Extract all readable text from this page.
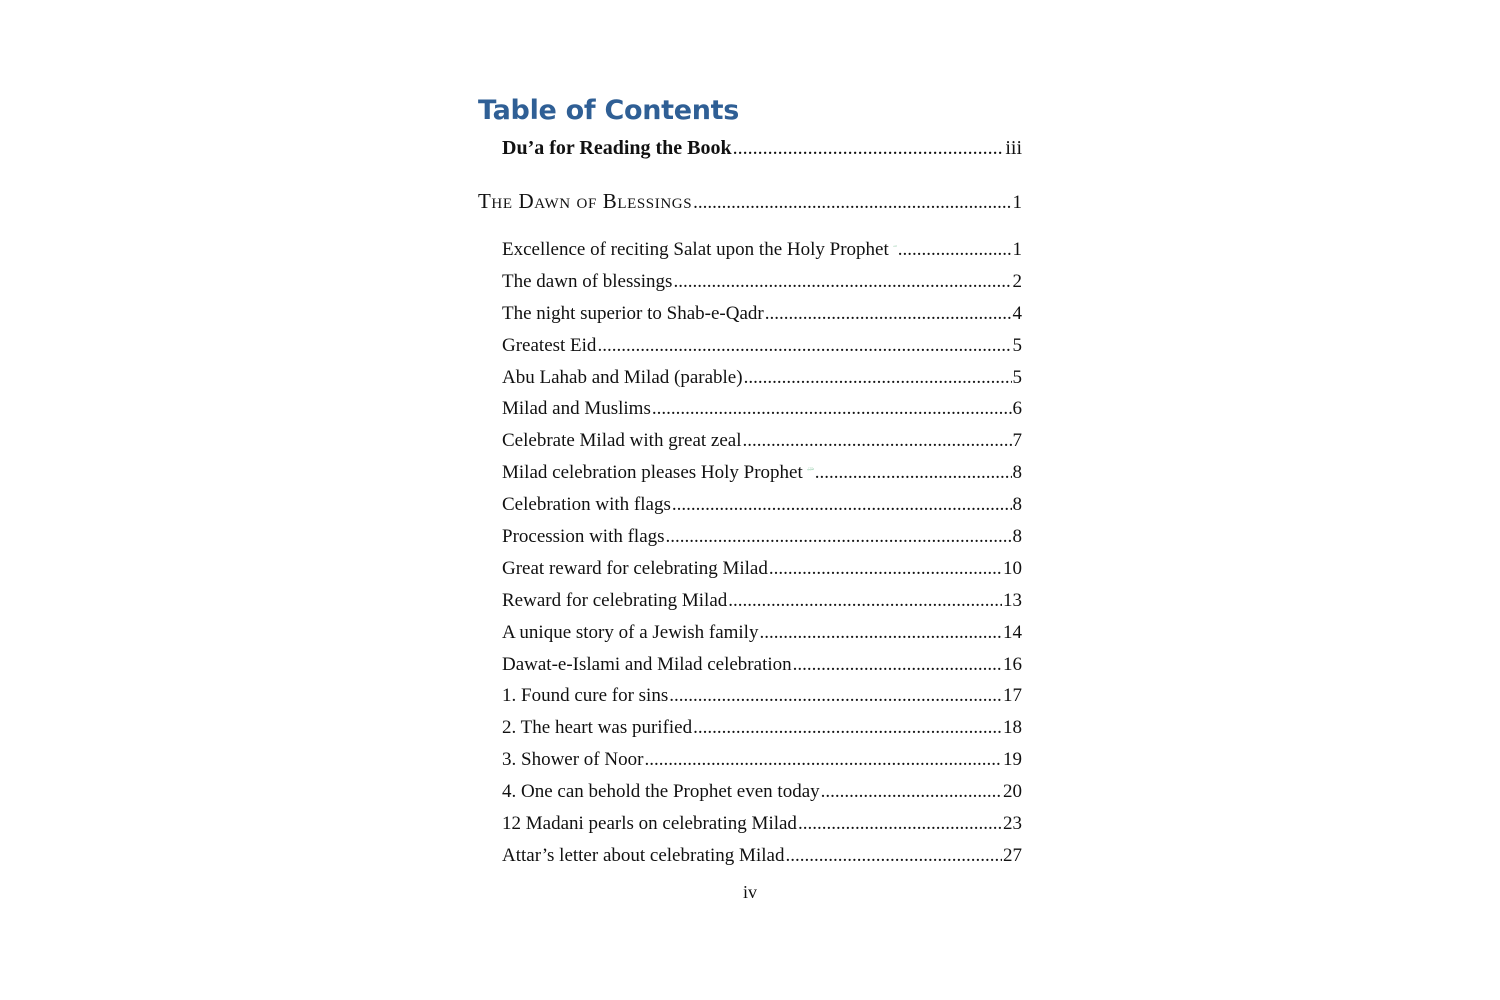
Table of Contents
Du’a for Reading the Book .....	iii
The Dawn of Blessings .....	1
Excellence of reciting Salat upon the Holy Prophet .....	1
The dawn of blessings .....	2
The night superior to Shab-e-Qadr .....	4
Greatest Eid .....	5
Abu Lahab and Milad (parable) .....	5
Milad and Muslims .....	6
Celebrate Milad with great zeal .....	7
Milad celebration pleases Holy Prophet .....	8
Celebration with flags .....	8
Procession with flags .....	8
Great reward for celebrating Milad .....	10
Reward for celebrating Milad .....	13
A unique story of a Jewish family .....	14
Dawat-e-Islami and Milad celebration .....	16
1. Found cure for sins .....	17
2. The heart was purified .....	18
3. Shower of Noor .....	19
4. One can behold the Prophet even today .....	20
12 Madani pearls on celebrating Milad .....	23
Attar’s letter about celebrating Milad .....	27
iv
